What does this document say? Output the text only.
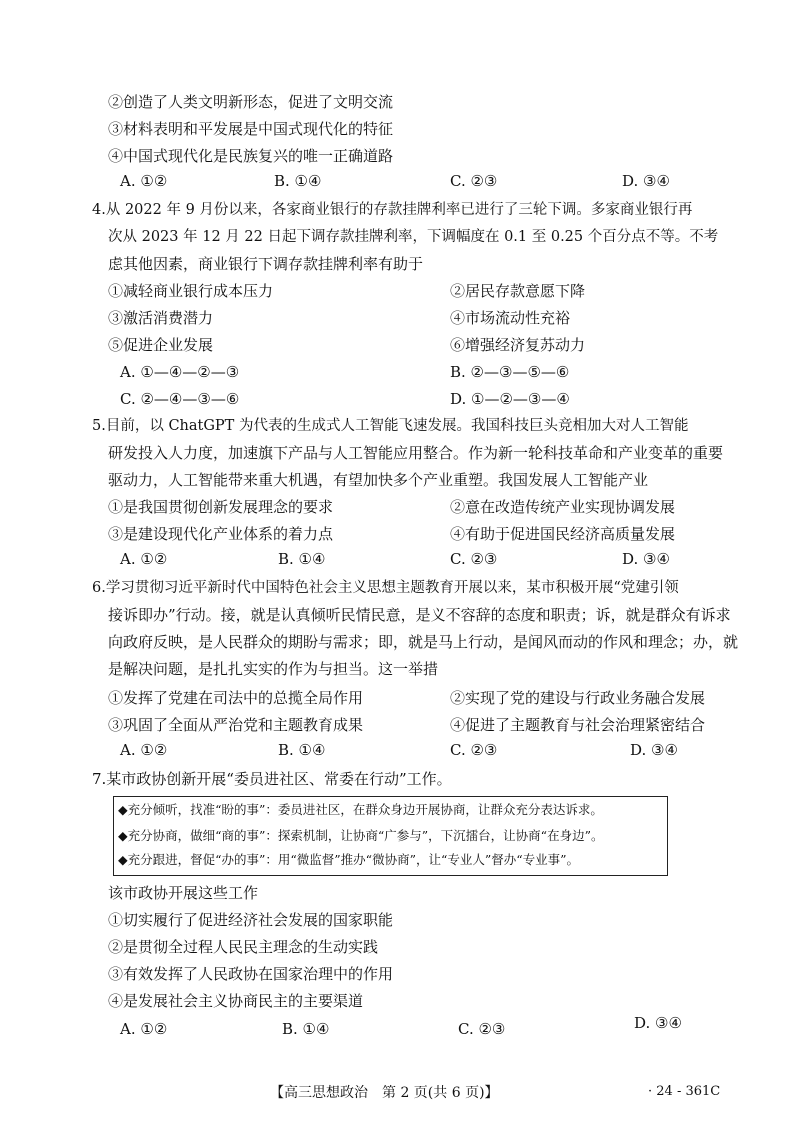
②创造了人类文明新形态，促进了文明交流
③材料表明和平发展是中国式现代化的特征
④中国式现代化是民族复兴的唯一正确道路
A. ①②	B. ①④	C. ②③	D. ③④
4.从 2022 年 9 月份以来，各家商业银行的存款挂牌利率已进行了三轮下调。多家商业银行再
次从 2023 年 12 月 22 日起下调存款挂牌利率，下调幅度在 0.1 至 0.25 个百分点不等。不考
虑其他因素，商业银行下调存款挂牌利率有助于
①减轻商业银行成本压力	②居民存款意愿下降
③激活消费潜力	④市场流动性充裕
⑤促进企业发展	⑥增强经济复苏动力
A. ①—④—②—③	B. ②—③—⑤—⑥
C. ②—④—③—⑥	D. ①—②—③—④
5.目前，以 ChatGPT 为代表的生成式人工智能飞速发展。我国科技巨头竞相加大对人工智能
研发投入人力度，加速旗下产品与人工智能应用整合。作为新一轮科技革命和产业变革的重要
驱动力，人工智能带来重大机遇，有望加快多个产业重塑。我国发展人工智能产业
①是我国贯彻创新发展理念的要求	②意在改造传统产业实现协调发展
③是建设现代化产业体系的着力点	④有助于促进国民经济高质量发展
A. ①②	B. ①④	C. ②③	D. ③④
6.学习贯彻习近平新时代中国特色社会主义思想主题教育开展以来，某市积极开展“党建引领
接诉即办”行动。接，就是认真倾听民情民意，是义不容辞的态度和职责；诉，就是群众有诉求
向政府反映，是人民群众的期盼与需求；即，就是马上行动，是闻风而动的作风和理念；办，就
是解决问题，是扎扎实实的作为与担当。这一举措
①发挥了党建在司法中的总揽全局作用	②实现了党的建设与行政业务融合发展
③巩固了全面从严治党和主题教育成果	④促进了主题教育与社会治理紧密结合
A. ①②	B. ①④	C. ②③	D. ③④
7.某市政协创新开展“委员进社区、常委在行动”工作。
◆充分倾听，找准“盼的事”：委员进社区，在群众身边开展协商，让群众充分表达诉求。
◆充分协商，做细“商的事”：探索机制，让协商“广参与”，下沉擂台，让协商“在身边”。
◆充分跟进，督促“办的事”：用“微监督”推办“微协商”，让“专业人”督办“专业事”。
该市政协开展这些工作
①切实履行了促进经济社会发展的国家职能
②是贯彻全过程人民民主理念的生动实践
③有效发挥了人民政协在国家治理中的作用
④是发展社会主义协商民主的主要渠道
A. ①②	B. ①④	C. ②③	D. ③④
【高三思想政治　第 2 页(共 6 页)】	· 24 - 361C
